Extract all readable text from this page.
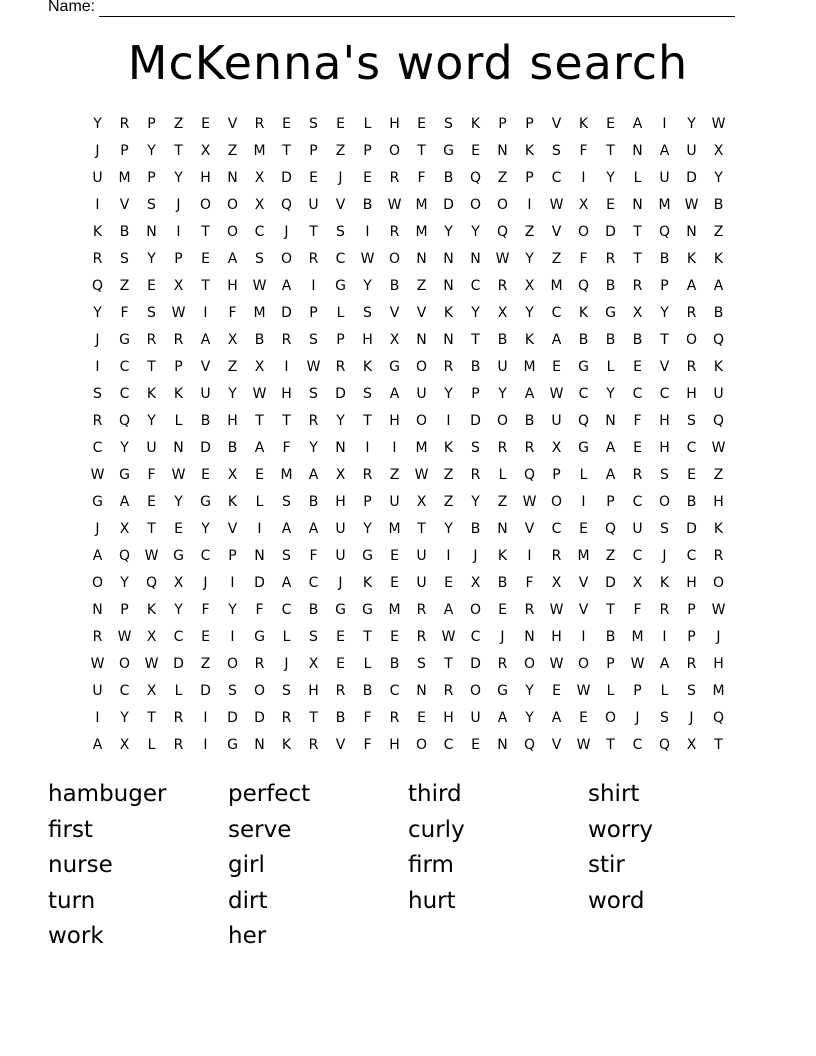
Name:
McKenna's word search
Y	R	P	Z	E	V	R	E	S	E	L	H	E	S	K	P	P	V	K	E	A	I	Y	W
J	P	Y	T	X	Z	M	T	P	Z	P	O	T	G	E	N	K	S	F	T	N	A	U	X
U	M	P	Y	H	N	X	D	E	J	E	R	F	B	Q	Z	P	C	I	Y	L	U	D	Y
I	V	S	J	O	O	X	Q	U	V	B	W	M	D	O	O	I	W	X	E	N	M	W	B
K	B	N	I	T	O	C	J	T	S	I	R	M	Y	Y	Q	Z	V	O	D	T	Q	N	Z
R	S	Y	P	E	A	S	O	R	C	W	O	N	N	N	W	Y	Z	F	R	T	B	K	K
Q	Z	E	X	T	H	W	A	I	G	Y	B	Z	N	C	R	X	M	Q	B	R	P	A	A
Y	F	S	W	I	F	M	D	P	L	S	V	V	K	Y	X	Y	C	K	G	X	Y	R	B
J	G	R	R	A	X	B	R	S	P	H	X	N	N	T	B	K	A	B	B	B	T	O	Q
I	C	T	P	V	Z	X	I	W	R	K	G	O	R	B	U	M	E	G	L	E	V	R	K
S	C	K	K	U	Y	W	H	S	D	S	A	U	Y	P	Y	A	W	C	Y	C	C	H	U
R	Q	Y	L	B	H	T	T	R	Y	T	H	O	I	D	O	B	U	Q	N	F	H	S	Q
C	Y	U	N	D	B	A	F	Y	N	I	I	M	K	S	R	R	X	G	A	E	H	C	W
W	G	F	W	E	X	E	M	A	X	R	Z	W	Z	R	L	Q	P	L	A	R	S	E	Z
G	A	E	Y	G	K	L	S	B	H	P	U	X	Z	Y	Z	W	O	I	P	C	O	B	H
J	X	T	E	Y	V	I	A	A	U	Y	M	T	Y	B	N	V	C	E	Q	U	S	D	K
A	Q	W	G	C	P	N	S	F	U	G	E	U	I	J	K	I	R	M	Z	C	J	C	R
O	Y	Q	X	J	I	D	A	C	J	K	E	U	E	X	B	F	X	V	D	X	K	H	O
N	P	K	Y	F	Y	F	C	B	G	G	M	R	A	O	E	R	W	V	T	F	R	P	W
R	W	X	C	E	I	G	L	S	E	T	E	R	W	C	J	N	H	I	B	M	I	P	J
W	O	W	D	Z	O	R	J	X	E	L	B	S	T	D	R	O	W	O	P	W	A	R	H
U	C	X	L	D	S	O	S	H	R	B	C	N	R	O	G	Y	E	W	L	P	L	S	M
I	Y	T	R	I	D	D	R	T	B	F	R	E	H	U	A	Y	A	E	O	J	S	J	Q
A	X	L	R	I	G	N	K	R	V	F	H	O	C	E	N	Q	V	W	T	C	Q	X	T
hambuger	perfect	third	shirt
first	serve	curly	worry
nurse	girl	firm	stir
turn	dirt	hurt	word
work	her
